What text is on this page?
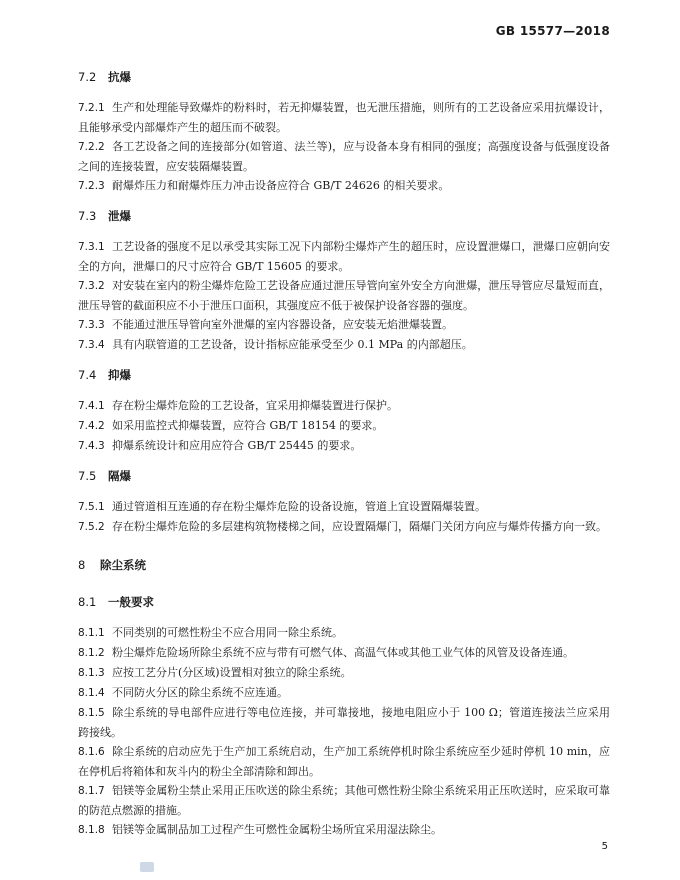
GB 15577—2018
7.2 抗爆

7.2.1 生产和处理能导致爆炸的粉料时，若无抑爆装置，也无泄压措施，则所有的工艺设备应采用抗爆设计，且能够承受内部爆炸产生的超压而不破裂。

7.2.2 各工艺设备之间的连接部分(如管道、法兰等)，应与设备本身有相同的强度；高强度设备与低强度设备之间的连接装置，应安装隔爆装置。

7.2.3 耐爆炸压力和耐爆炸压力冲击设备应符合 GB/T 24626 的相关要求。

7.3 泄爆

7.3.1 工艺设备的强度不足以承受其实际工况下内部粉尘爆炸产生的超压时，应设置泄爆口，泄爆口应朝向安全的方向，泄爆口的尺寸应符合 GB/T 15605 的要求。

7.3.2 对安装在室内的粉尘爆炸危险工艺设备应通过泄压导管向室外安全方向泄爆，泄压导管应尽量短而直，泄压导管的截面积应不小于泄压口面积，其强度应不低于被保护设备容器的强度。

7.3.3 不能通过泄压导管向室外泄爆的室内容器设备，应安装无焰泄爆装置。

7.3.4 具有内联管道的工艺设备，设计指标应能承受至少 0.1 MPa 的内部超压。

7.4 抑爆

7.4.1 存在粉尘爆炸危险的工艺设备，宜采用抑爆装置进行保护。

7.4.2 如采用监控式抑爆装置，应符合 GB/T 18154 的要求。

7.4.3 抑爆系统设计和应用应符合 GB/T 25445 的要求。

7.5 隔爆

7.5.1 通过管道相互连通的存在粉尘爆炸危险的设备设施，管道上宜设置隔爆装置。

7.5.2 存在粉尘爆炸危险的多层建构筑物楼梯之间，应设置隔爆门，隔爆门关闭方向应与爆炸传播方向一致。

8 除尘系统
8.1 一般要求

8.1.1 不同类别的可燃性粉尘不应合用同一除尘系统。

8.1.2 粉尘爆炸危险场所除尘系统不应与带有可燃气体、高温气体或其他工业气体的风管及设备连通。

8.1.3 应按工艺分片(分区域)设置相对独立的除尘系统。

8.1.4 不同防火分区的除尘系统不应连通。

8.1.5 除尘系统的导电部件应进行等电位连接，并可靠接地，接地电阻应小于 100 Ω；管道连接法兰应采用跨接线。

8.1.6 除尘系统的启动应先于生产加工系统启动，生产加工系统停机时除尘系统应至少延时停机 10 min，应在停机后将箱体和灰斗内的粉尘全部清除和卸出。

8.1.7 铝镁等金属粉尘禁止采用正压吹送的除尘系统；其他可燃性粉尘除尘系统采用正压吹送时，应采取可靠的防范点燃源的措施。

8.1.8 铝镁等金属制品加工过程产生可燃性金属粉尘场所宜采用湿法除尘。

5
